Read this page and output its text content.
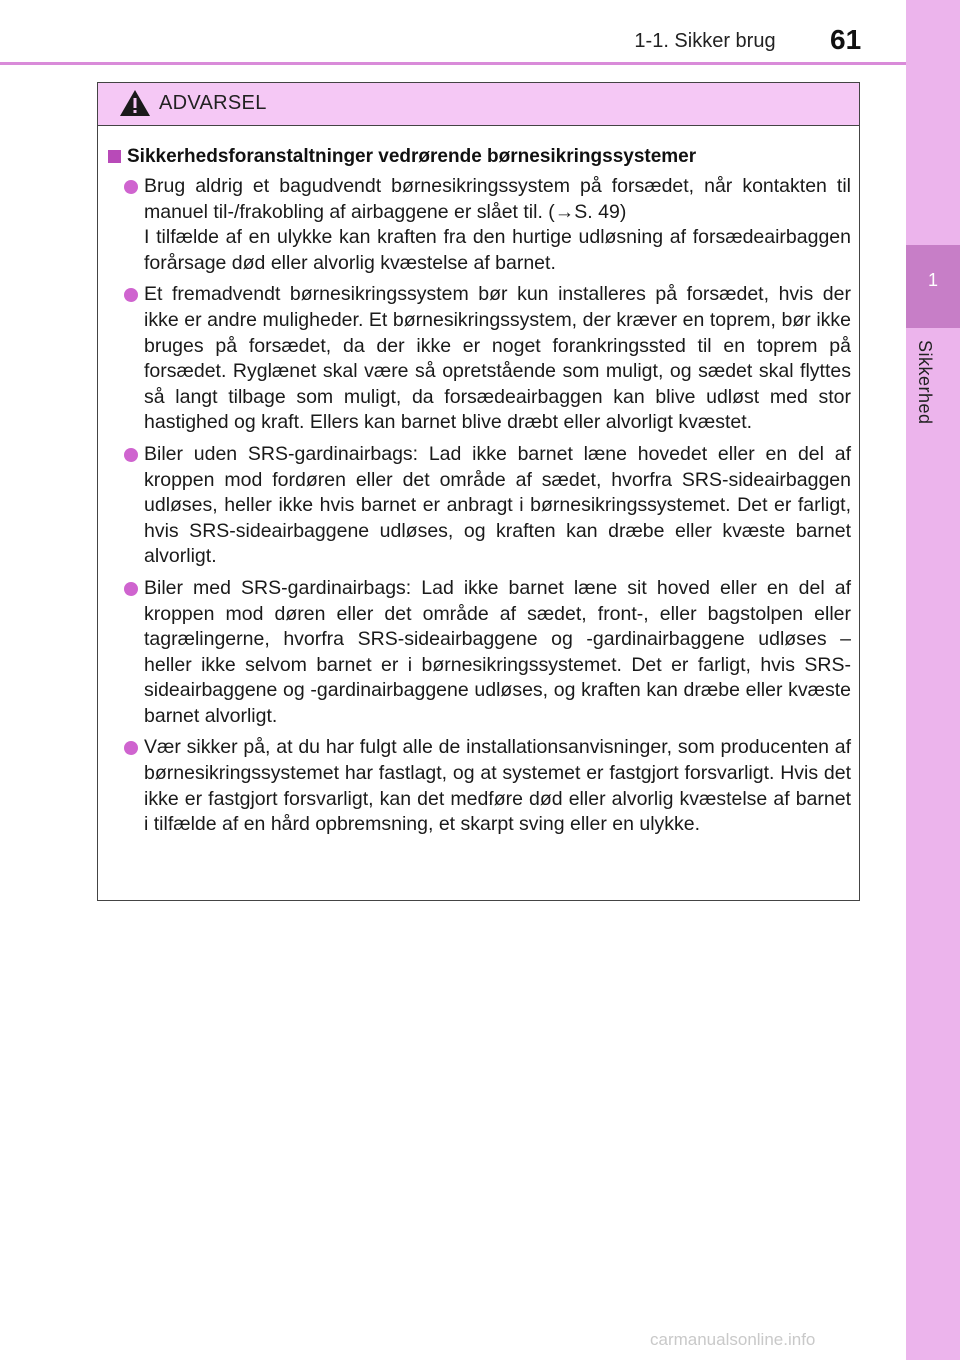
1-1. Sikker brug	61
1
Sikkerhed
ADVARSEL
Sikkerhedsforanstaltninger vedrørende børnesikringssystemer

Brug aldrig et bagudvendt børnesikringssystem på forsædet, når kontakten til manuel til-/frakobling af airbaggene er slået til. (→S. 49)

I tilfælde af en ulykke kan kraften fra den hurtige udløsning af forsædeairbaggen forårsage død eller alvorlig kvæstelse af barnet.

Et fremadvendt børnesikringssystem bør kun installeres på forsædet, hvis der ikke er andre muligheder. Et børnesikringssystem, der kræver en toprem, bør ikke bruges på forsædet, da der ikke er noget forankringssted til en toprem på forsædet. Ryglænet skal være så opretstående som muligt, og sædet skal flyttes så langt tilbage som muligt, da forsædeairbaggen kan blive udløst med stor hastighed og kraft. Ellers kan barnet blive dræbt eller alvorligt kvæstet.

Biler uden SRS-gardinairbags: Lad ikke barnet læne hovedet eller en del af kroppen mod fordøren eller det område af sædet, hvorfra SRS-sideairbaggen udløses, heller ikke hvis barnet er anbragt i børnesikringssystemet. Det er farligt, hvis SRS-sideairbaggene udløses, og kraften kan dræbe eller kvæste barnet alvorligt.

Biler med SRS-gardinairbags: Lad ikke barnet læne sit hoved eller en del af kroppen mod døren eller det område af sædet, front-, eller bagstolpen eller tagrælingerne, hvorfra SRS-sideairbaggene og -gardinairbaggene udløses – heller ikke selvom barnet er i børnesikringssystemet. Det er farligt, hvis SRS-sideairbaggene og -gardinairbaggene udløses, og kraften kan dræbe eller kvæste barnet alvorligt.

Vær sikker på, at du har fulgt alle de installationsanvisninger, som producenten af børnesikringssystemet har fastlagt, og at systemet er fastgjort forsvarligt. Hvis det ikke er fastgjort forsvarligt, kan det medføre død eller alvorlig kvæstelse af barnet i tilfælde af en hård opbremsning, et skarpt sving eller en ulykke.

carmanualsonline.info
